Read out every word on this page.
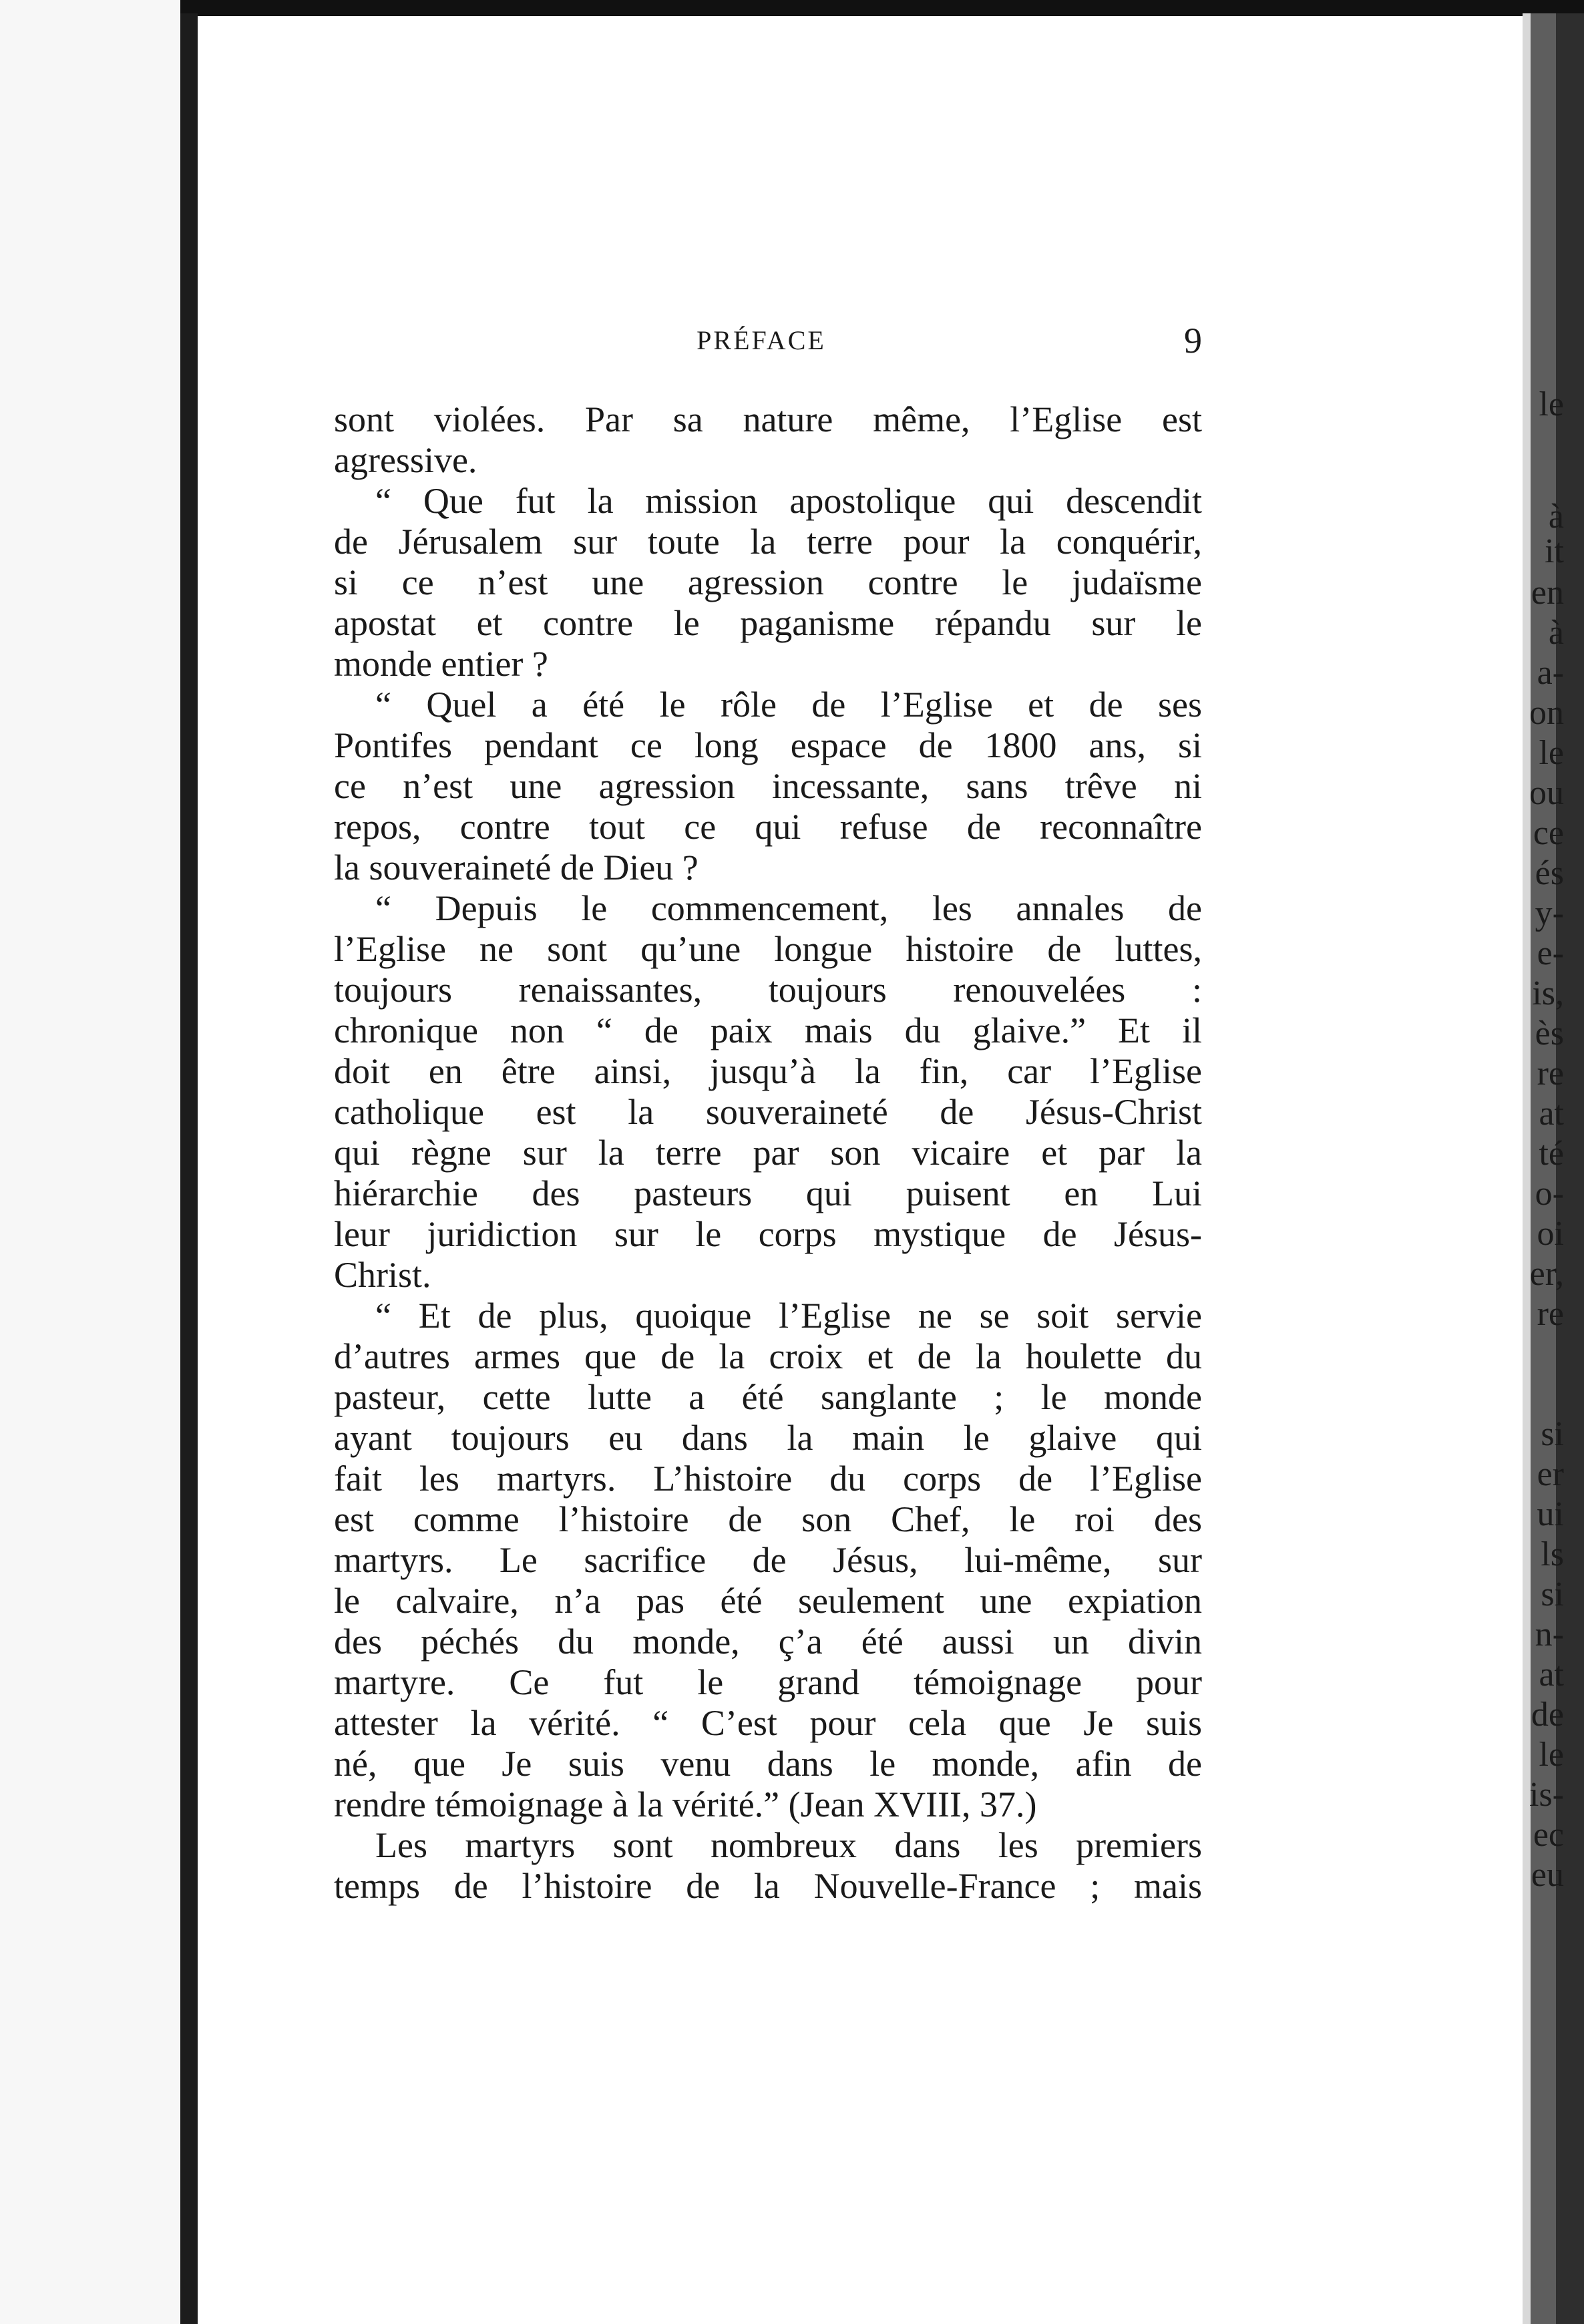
le

à

it

en

à

a-

on

le

ou

ce

és

y-

e-

is,

ès

re

at

té

o-

oi

er,

re

si

er

ui

ls

si

n-

at

de

le

is-

ec

eu

PRÉFACE	9
sont violées. Par sa nature même, l’Eglise est
agressive.
“ Que fut la mission apostolique qui descendit
de Jérusalem sur toute la terre pour la conquérir,
si ce n’est une agression contre le judaïsme
apostat et contre le paganisme répandu sur le
monde entier ?
“ Quel a été le rôle de l’Eglise et de ses
Pontifes pendant ce long espace de 1800 ans, si
ce n’est une agression incessante, sans trêve ni
repos, contre tout ce qui refuse de reconnaître
la souveraineté de Dieu ?
“ Depuis le commencement, les annales de
l’Eglise ne sont qu’une longue histoire de luttes,
toujours renaissantes, toujours renouvelées :
chronique non “ de paix mais du glaive.” Et il
doit en être ainsi, jusqu’à la fin, car l’Eglise
catholique est la souveraineté de Jésus-Christ
qui règne sur la terre par son vicaire et par la
hiérarchie des pasteurs qui puisent en Lui
leur juridiction sur le corps mystique de Jésus-
Christ.
“ Et de plus, quoique l’Eglise ne se soit servie
d’autres armes que de la croix et de la houlette du
pasteur, cette lutte a été sanglante ; le monde
ayant toujours eu dans la main le glaive qui
fait les martyrs. L’histoire du corps de l’Eglise
est comme l’histoire de son Chef, le roi des
martyrs. Le sacrifice de Jésus, lui-même, sur
le calvaire, n’a pas été seulement une expiation
des péchés du monde, ç’a été aussi un divin
martyre. Ce fut le grand témoignage pour
attester la vérité. “ C’est pour cela que Je suis
né, que Je suis venu dans le monde, afin de
rendre témoignage à la vérité.” (Jean XVIII, 37.)
Les martyrs sont nombreux dans les premiers
temps de l’histoire de la Nouvelle-France ; mais
